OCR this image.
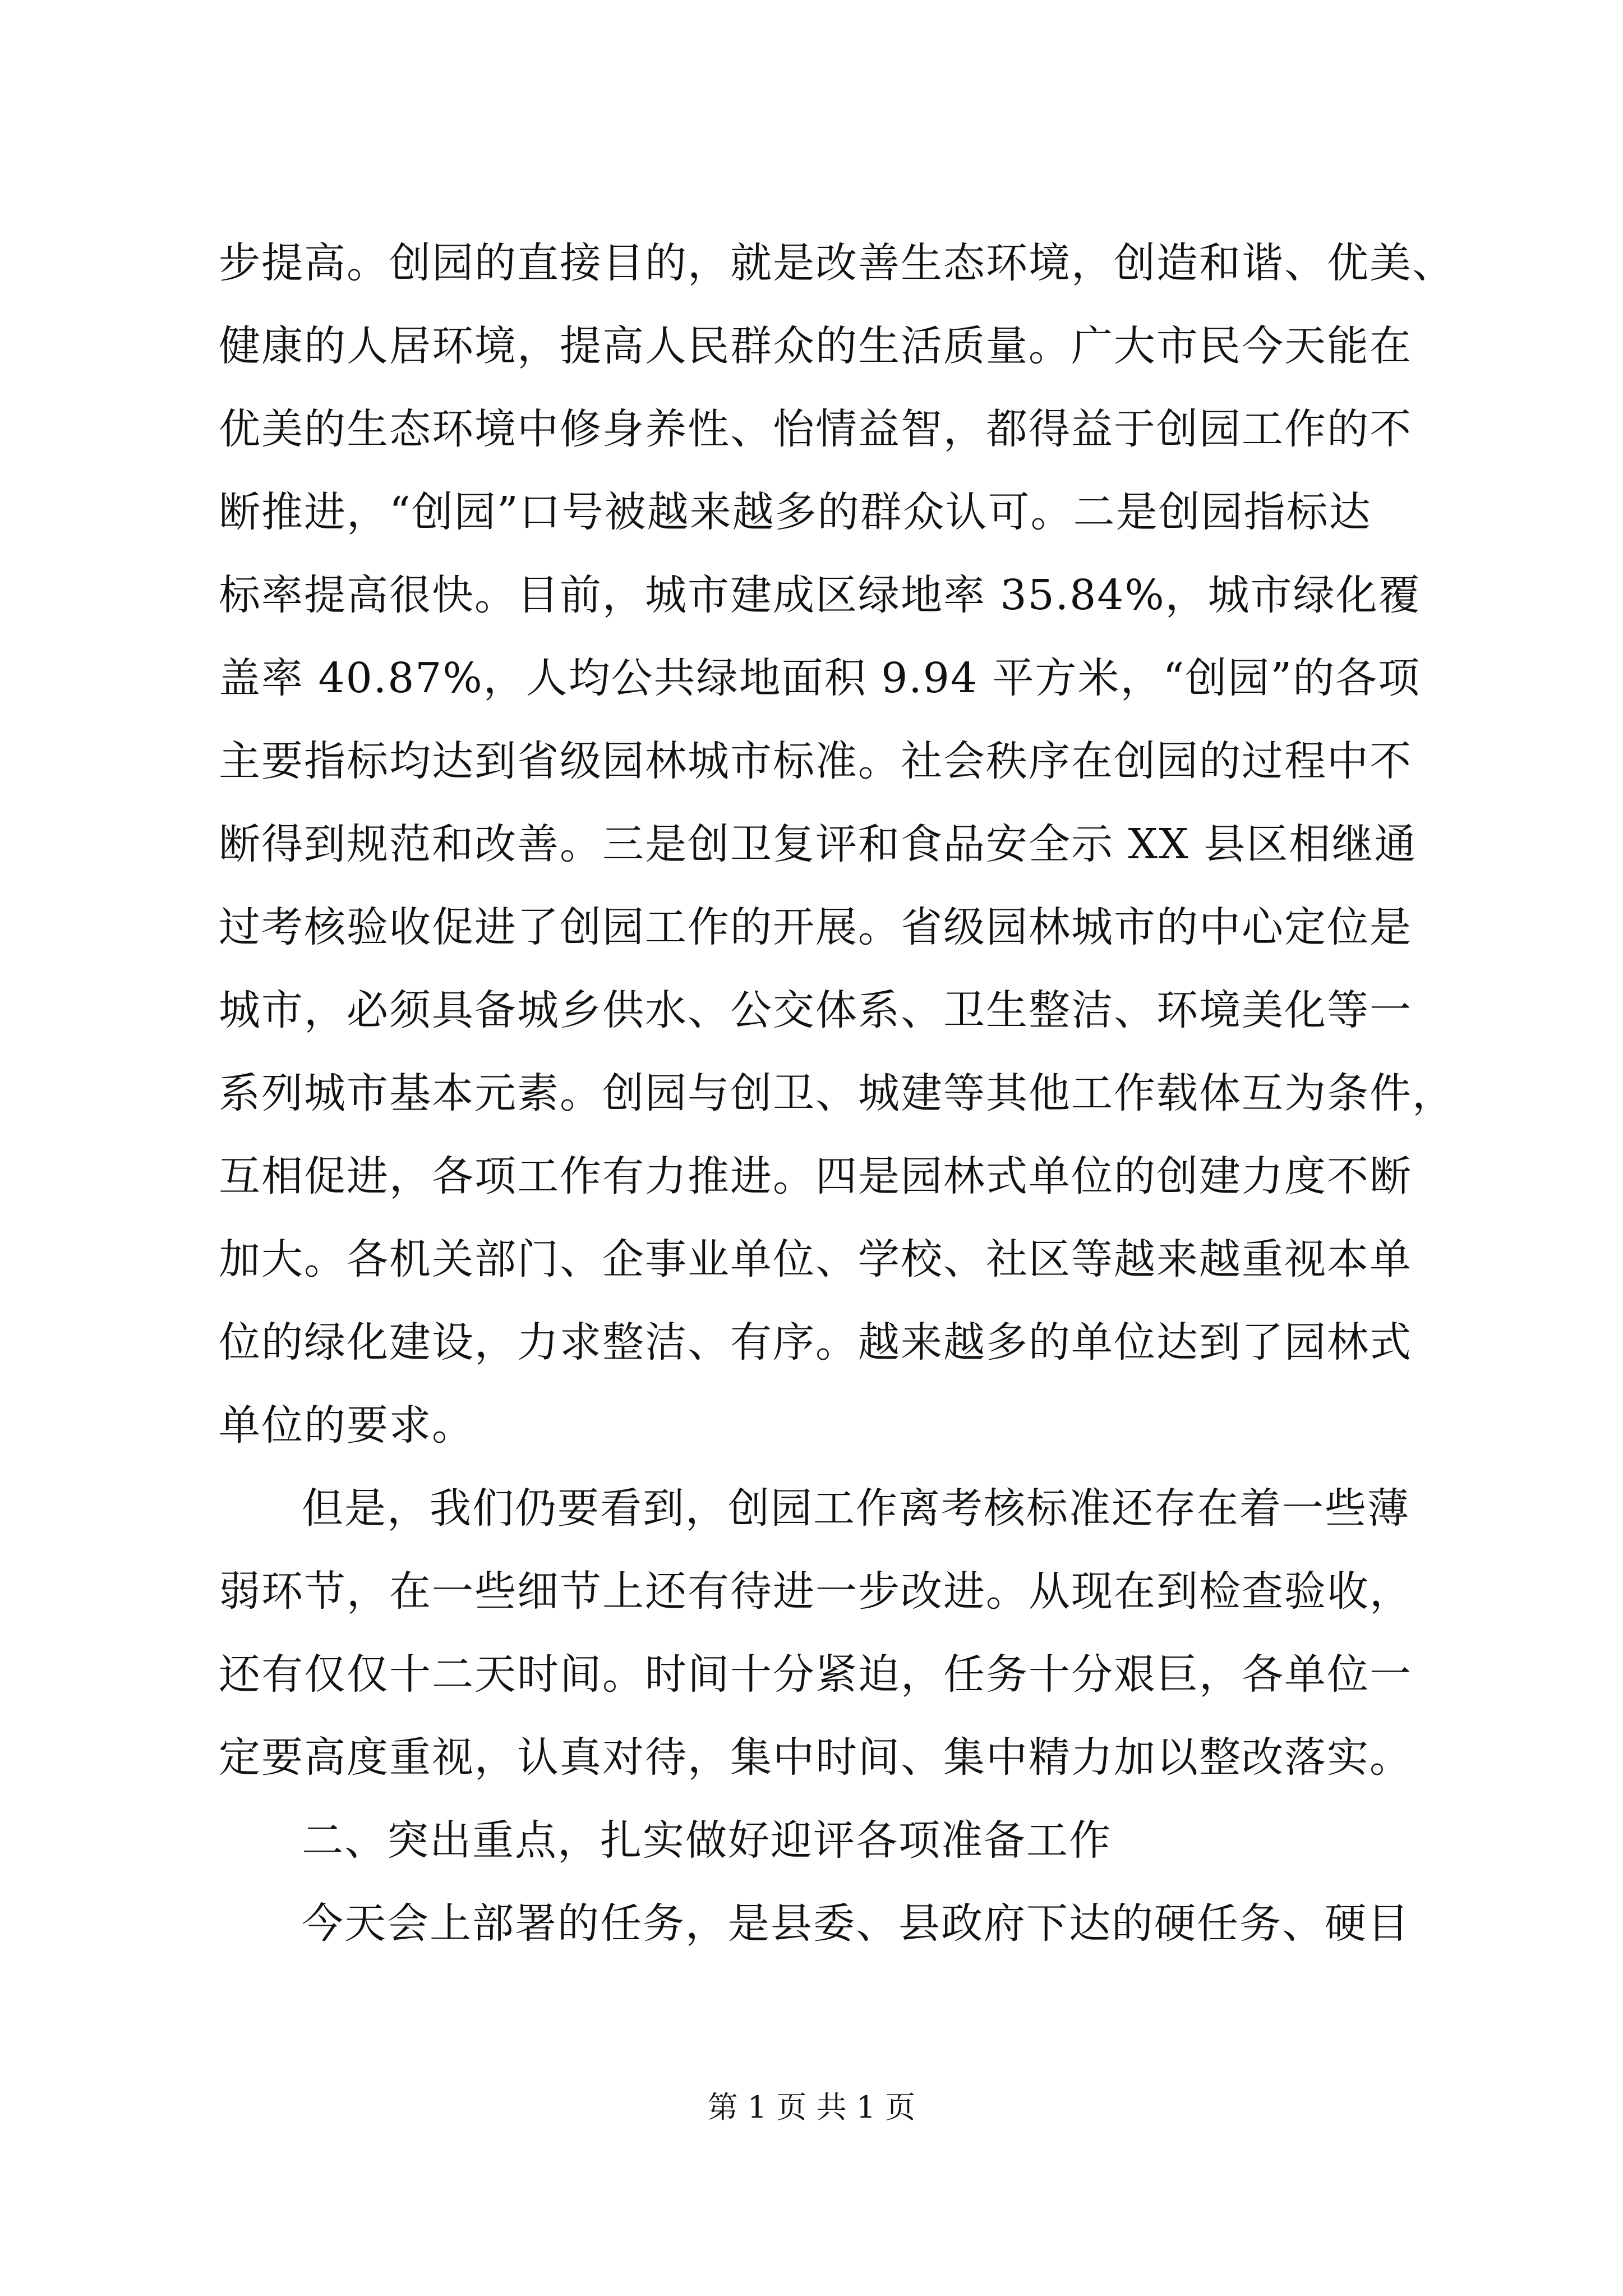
步提高。创园的直接目的，就是改善生态环境，创造和谐、优美、
健康的人居环境，提高人民群众的生活质量。广大市民今天能在
优美的生态环境中修身养性、怡情益智，都得益于创园工作的不
断推进，“创园”口号被越来越多的群众认可。二是创园指标达
标率提高很快。目前，城市建成区绿地率 35.84%，城市绿化覆
盖率 40.87%，人均公共绿地面积 9.94 平方米，“创园”的各项
主要指标均达到省级园林城市标准。社会秩序在创园的过程中不
断得到规范和改善。三是创卫复评和食品安全示 XX 县区相继通
过考核验收促进了创园工作的开展。省级园林城市的中心定位是
城市，必须具备城乡供水、公交体系、卫生整洁、环境美化等一
系列城市基本元素。创园与创卫、城建等其他工作载体互为条件，
互相促进，各项工作有力推进。四是园林式单位的创建力度不断
加大。各机关部门、企事业单位、学校、社区等越来越重视本单
位的绿化建设，力求整洁、有序。越来越多的单位达到了园林式
单位的要求。
但是，我们仍要看到，创园工作离考核标准还存在着一些薄
弱环节，在一些细节上还有待进一步改进。从现在到检查验收，
还有仅仅十二天时间。时间十分紧迫，任务十分艰巨，各单位一
定要高度重视，认真对待，集中时间、集中精力加以整改落实。
二、突出重点，扎实做好迎评各项准备工作
今天会上部署的任务，是县委、县政府下达的硬任务、硬目
第 1 页 共 1 页
